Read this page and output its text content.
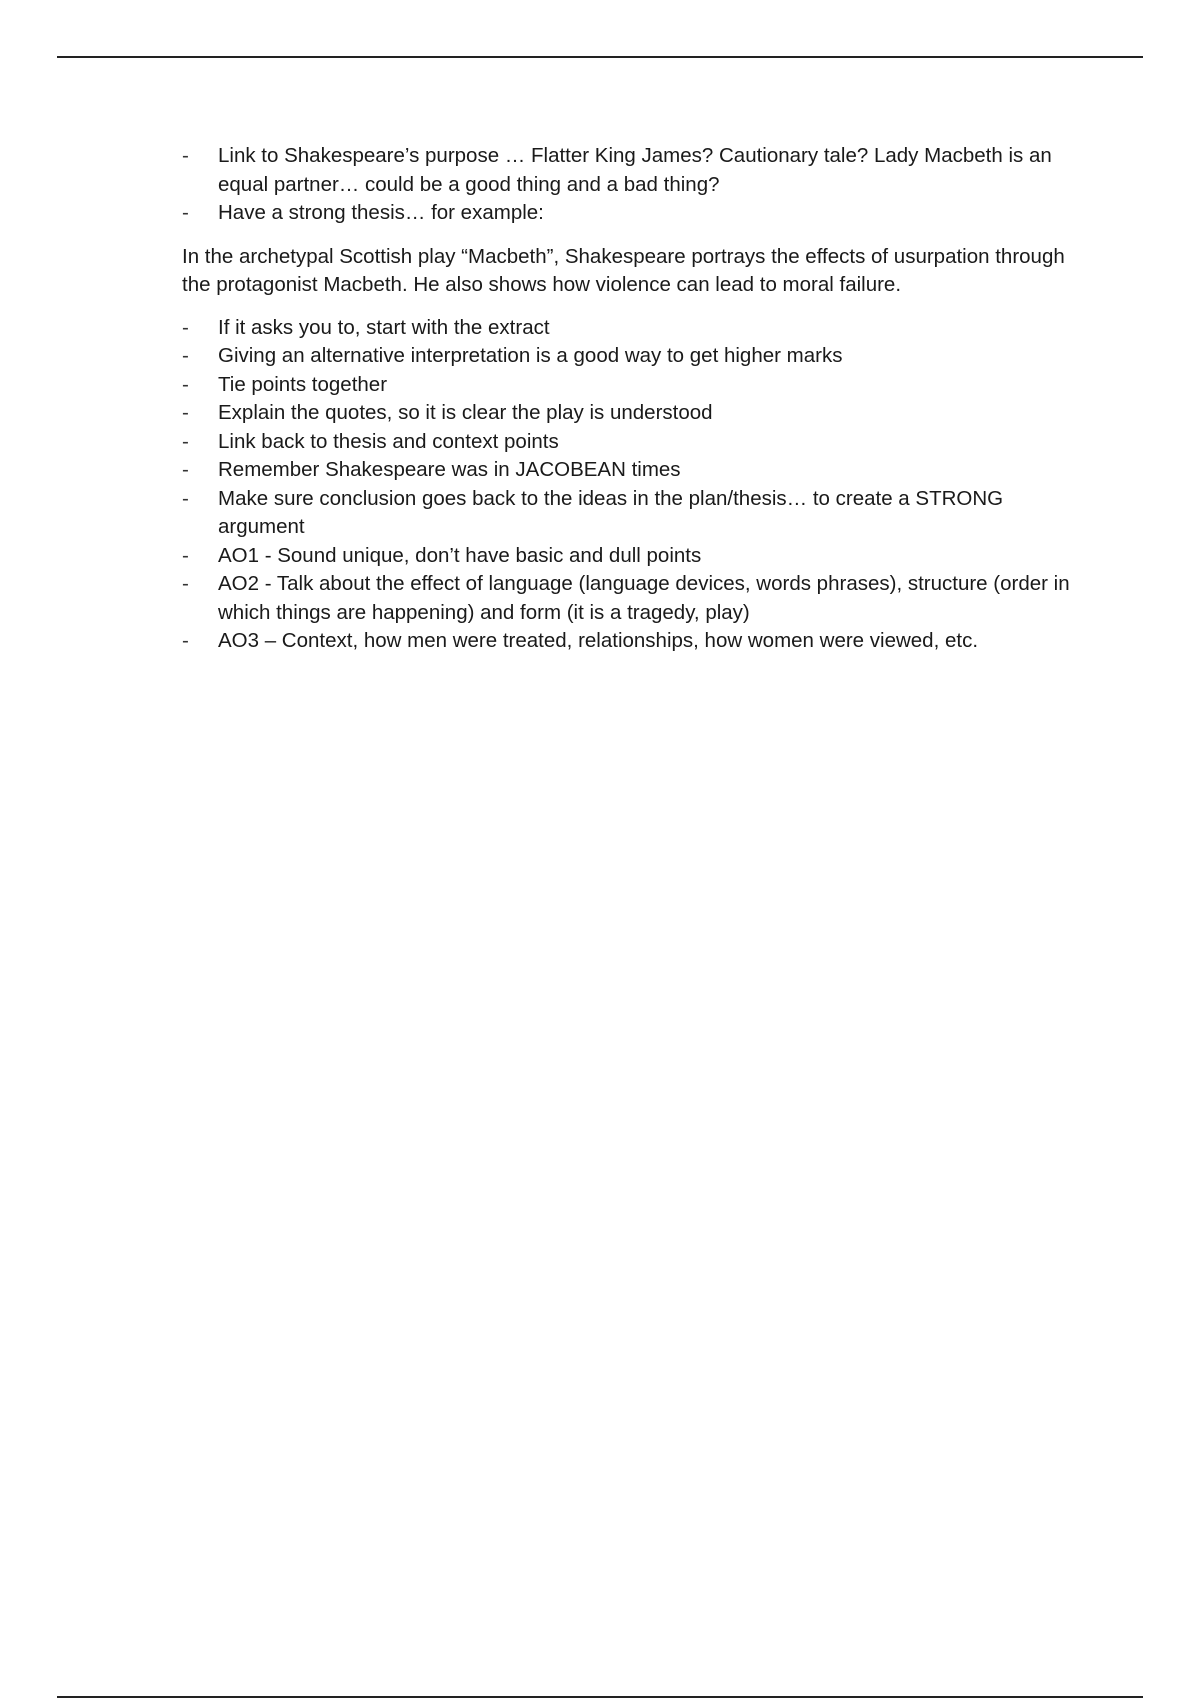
-	Link to Shakespeare’s purpose … Flatter King James? Cautionary tale? Lady Macbeth is an equal partner… could be a good thing and a bad thing?
-	Have a strong thesis… for example:

In the archetypal Scottish play “Macbeth”, Shakespeare portrays the effects of usurpation through the protagonist Macbeth. He also shows how violence can lead to moral failure.

-	If it asks you to, start with the extract
-	Giving an alternative interpretation is a good way to get higher marks
-	Tie points together
-	Explain the quotes, so it is clear the play is understood
-	Link back to thesis and context points
-	Remember Shakespeare was in JACOBEAN times
-	Make sure conclusion goes back to the ideas in the plan/thesis… to create a STRONG argument
-	AO1 - Sound unique, don’t have basic and dull points
-	AO2 - Talk about the effect of language (language devices, words phrases), structure (order in which things are happening) and form (it is a tragedy, play)
-	AO3 – Context, how men were treated, relationships, how women were viewed, etc.
